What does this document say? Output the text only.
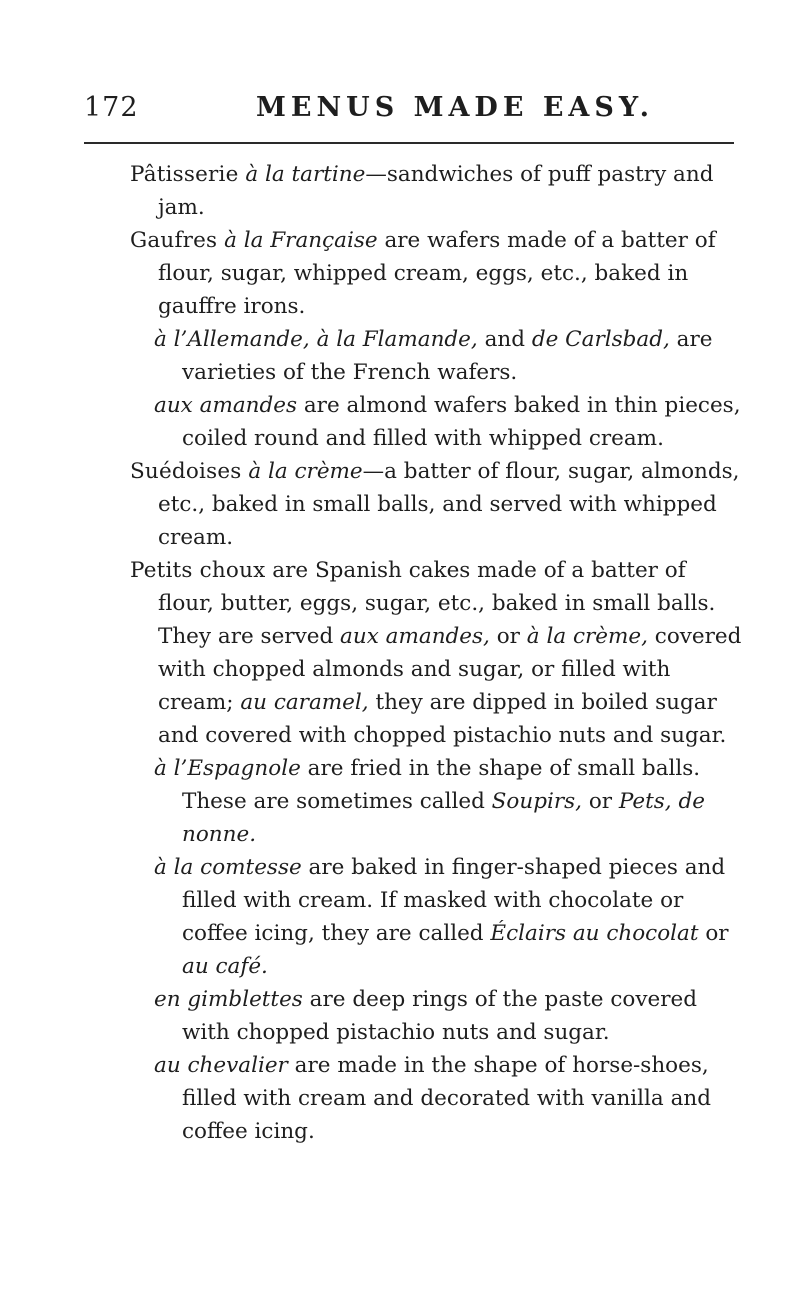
172	MENUS MADE EASY.

Pâtisserie à la tartine—sandwiches of puff pastry and jam.

Gaufres à la Française are wafers made of a batter of flour, sugar, whipped cream, eggs, etc., baked in gauffre irons.

à l’Allemande, à la Flamande, and de Carlsbad, are varieties of the French wafers.

aux amandes are almond wafers baked in thin pieces, coiled round and filled with whipped cream.

Suédoises à la crème—a batter of flour, sugar, almonds, etc., baked in small balls, and served with whipped cream.

Petits choux are Spanish cakes made of a batter of flour, butter, eggs, sugar, etc., baked in small balls. They are served aux amandes, or à la crème, covered with chopped almonds and sugar, or filled with cream; au caramel, they are dipped in boiled sugar and covered with chopped pistachio nuts and sugar.

à l’Espagnole are fried in the shape of small balls. These are sometimes called Soupirs, or Pets, de nonne.

à la comtesse are baked in finger-shaped pieces and filled with cream. If masked with chocolate or coffee icing, they are called Éclairs au chocolat or au café.

en gimblettes are deep rings of the paste covered with chopped pistachio nuts and sugar.

au chevalier are made in the shape of horse-shoes, filled with cream and decorated with vanilla and coffee icing.
